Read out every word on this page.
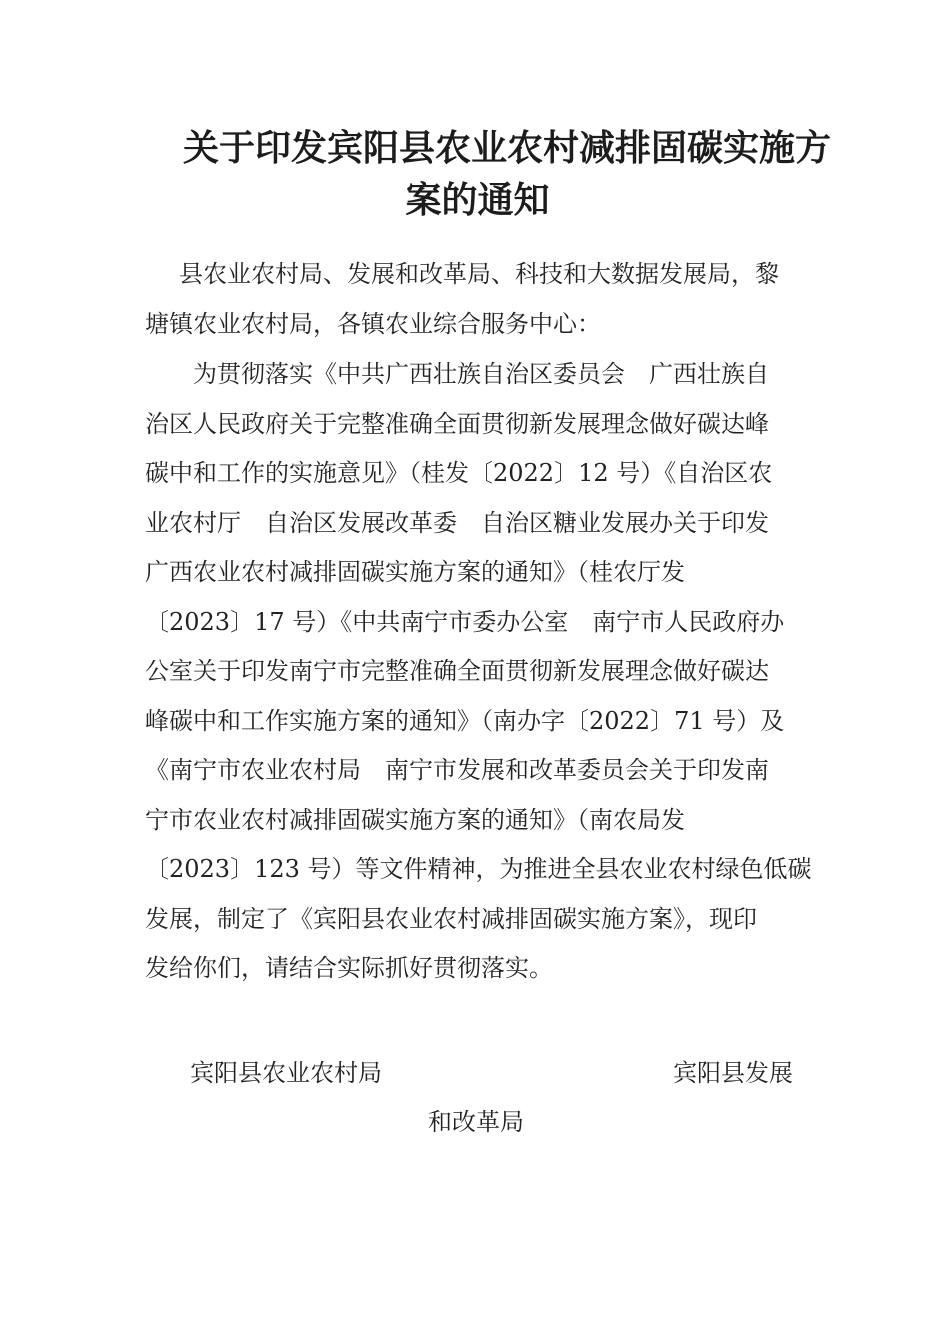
关于印发宾阳县农业农村减排固碳实施方
案的通知
县农业农村局、发展和改革局、科技和大数据发展局，黎
塘镇农业农村局，各镇农业综合服务中心：
为贯彻落实《中共广西壮族自治区委员会　广西壮族自
治区人民政府关于完整准确全面贯彻新发展理念做好碳达峰
碳中和工作的实施意见》（桂发〔2022〕12 号）《自治区农
业农村厅　自治区发展改革委　自治区糖业发展办关于印发
广西农业农村减排固碳实施方案的通知》（桂农厅发
〔2023〕17 号）《中共南宁市委办公室　南宁市人民政府办
公室关于印发南宁市完整准确全面贯彻新发展理念做好碳达
峰碳中和工作实施方案的通知》（南办字〔2022〕71 号）及
《南宁市农业农村局　南宁市发展和改革委员会关于印发南
宁市农业农村减排固碳实施方案的通知》（南农局发
〔2023〕123 号）等文件精神，为推进全县农业农村绿色低碳
发展，制定了《宾阳县农业农村减排固碳实施方案》，现印
发给你们，请结合实际抓好贯彻落实。

宾阳县农业农村局	宾阳县发展

和改革局
